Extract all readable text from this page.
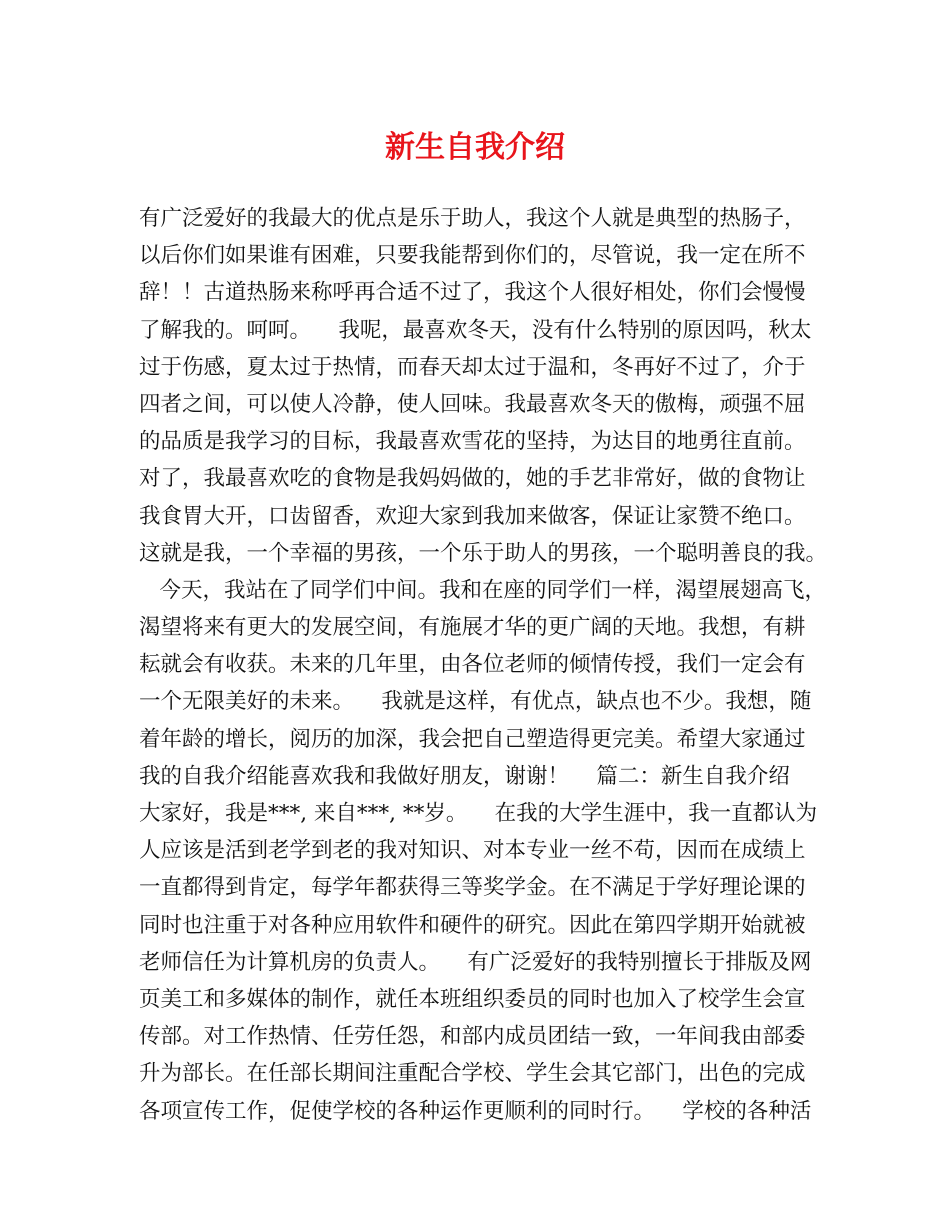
新生自我介绍
有广泛爱好的我最大的优点是乐于助人，我这个人就是典型的热肠子，
以后你们如果谁有困难，只要我能帮到你们的，尽管说，我一定在所不
辞！！古道热肠来称呼再合适不过了，我这个人很好相处，你们会慢慢
了解我的。呵呵。    我呢，最喜欢冬天，没有什么特别的原因吗，秋太
过于伤感，夏太过于热情，而春天却太过于温和，冬再好不过了，介于
四者之间，可以使人冷静，使人回味。我最喜欢冬天的傲梅，顽强不屈
的品质是我学习的目标，我最喜欢雪花的坚持，为达目的地勇往直前。
对了，我最喜欢吃的食物是我妈妈做的，她的手艺非常好，做的食物让
我食胃大开，口齿留香，欢迎大家到我加来做客，保证让家赞不绝口。
这就是我，一个幸福的男孩，一个乐于助人的男孩，一个聪明善良的我。
今天，我站在了同学们中间。我和在座的同学们一样，渴望展翅高飞，
渴望将来有更大的发展空间，有施展才华的更广阔的天地。我想，有耕
耘就会有收获。未来的几年里，由各位老师的倾情传授，我们一定会有
一个无限美好的未来。    我就是这样，有优点，缺点也不少。我想，随
着年龄的增长，阅历的加深，我会把自己塑造得更完美。希望大家通过
我的自我介绍能喜欢我和我做好朋友，谢谢！    篇二：新生自我介绍
大家好，我是***, 来自***, **岁。    在我的大学生涯中，我一直都认为
人应该是活到老学到老的我对知识、对本专业一丝不苟，因而在成绩上
一直都得到肯定，每学年都获得三等奖学金。在不满足于学好理论课的
同时也注重于对各种应用软件和硬件的研究。因此在第四学期开始就被
老师信任为计算机房的负责人。    有广泛爱好的我特别擅长于排版及网
页美工和多媒体的制作，就任本班组织委员的同时也加入了校学生会宣
传部。对工作热情、任劳任怨，和部内成员团结一致，一年间我由部委
升为部长。在任部长期间注重配合学校、学生会其它部门，出色的完成
各项宣传工作，促使学校的各种运作更顺利的同时行。    学校的各种活
